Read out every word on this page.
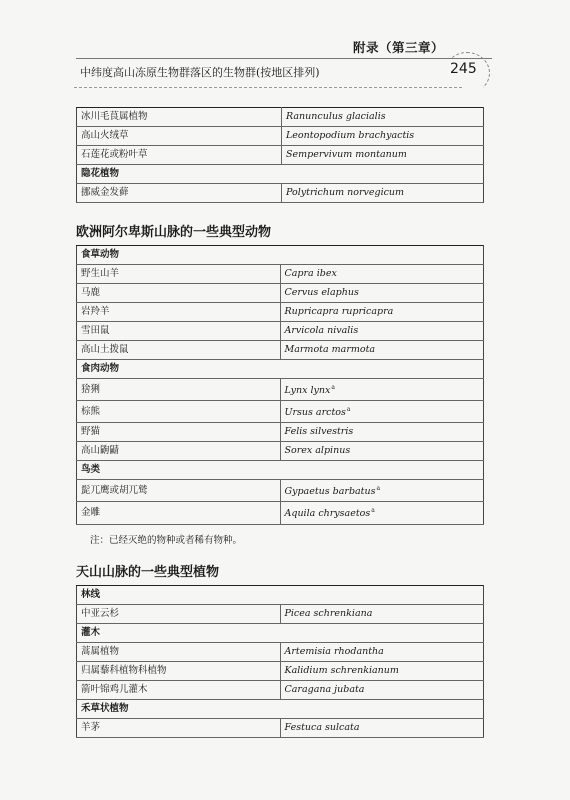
附录（第三章）
中纬度高山冻原生物群落区的生物群(按地区排列)	245
冰川毛茛属植物	Ranunculus glacialis
高山火绒草	Leontopodium brachyactis
石莲花或粉叶草	Sempervivum montanum
隐花植物	
挪威金发藓	Polytrichum norvegicum
欧洲阿尔卑斯山脉的一些典型动物
食草动物	
野生山羊	Capra ibex
马鹿	Cervus elaphus
岩羚羊	Rupricapra rupricapra
雪田鼠	Arvicola nivalis
高山土拨鼠	Marmota marmota
食肉动物	
猞猁	Lynx lynx$^a$
棕熊	Ursus arctos$^a$
野猫	Felis silvestris
高山鼩鼱	Sorex alpinus
鸟类	
髭兀鹰或胡兀鹫	Gypaetus barbatus$^a$
金雕	Aquila chrysaetos$^a$
注：已经灭绝的物种或者稀有物种。
天山山脉的一些典型植物
林线	
中亚云杉	Picea schrenkiana
灌木	
蒿属植物	Artemisia rhodantha
归属藜科植物科植物	Kalidium schrenkianum
箭叶锦鸡儿灌木	Caragana jubata
禾草状植物	
羊茅	Festuca sulcata
